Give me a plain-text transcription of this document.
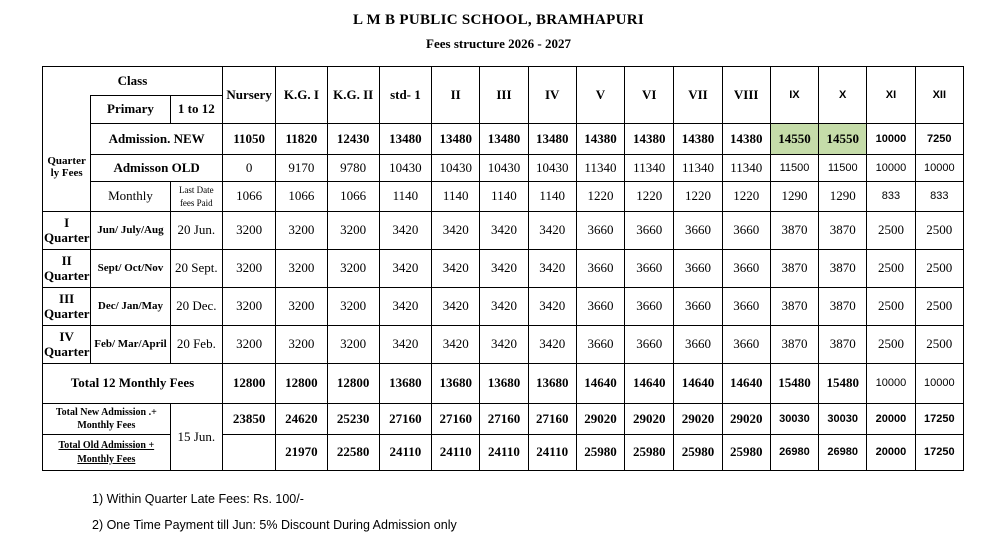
L M B PUBLIC SCHOOL, BRAMHAPURI
Fees structure 2026 - 2027
Class			Nursery	K.G. I	K.G. II	std- 1	II	III	IV	V	VI	VII	VIII	IX	X	XI	XII
	Primary	1 to 12															
Quarter ly Fees	Admission. NEW		11050	11820	12430	13480	13480	13480	13480	14380	14380	14380	14380	14550	14550	10000	7250
	Admisson OLD		0	9170	9780	10430	10430	10430	10430	11340	11340	11340	11340	11500	11500	10000	10000
	Monthly	Last Date fees Paid	1066	1066	1066	1140	1140	1140	1140	1220	1220	1220	1220	1290	1290	833	833
I Quarter	Jun/ July/Aug	20 Jun.	3200	3200	3200	3420	3420	3420	3420	3660	3660	3660	3660	3870	3870	2500	2500
II Quarter	Sept/ Oct/Nov	20 Sept.	3200	3200	3200	3420	3420	3420	3420	3660	3660	3660	3660	3870	3870	2500	2500
III Quarter	Dec/ Jan/May	20 Dec.	3200	3200	3200	3420	3420	3420	3420	3660	3660	3660	3660	3870	3870	2500	2500
IV Quarter	Feb/ Mar/April	20 Feb.	3200	3200	3200	3420	3420	3420	3420	3660	3660	3660	3660	3870	3870	2500	2500
Total 12 Monthly Fees			12800	12800	12800	13680	13680	13680	13680	14640	14640	14640	14640	15480	15480	10000	10000
Total New Admission .+ Monthly Fees		15 Jun.	23850	24620	25230	27160	27160	27160	27160	29020	29020	29020	29020	30030	30030	20000	17250
Total Old Admission + Monthly Fees				21970	22580	24110	24110	24110	24110	25980	25980	25980	25980	26980	26980	20000	17250
1) Within Quarter Late Fees: Rs. 100/-
2) One Time Payment till Jun: 5% Discount During Admission only
